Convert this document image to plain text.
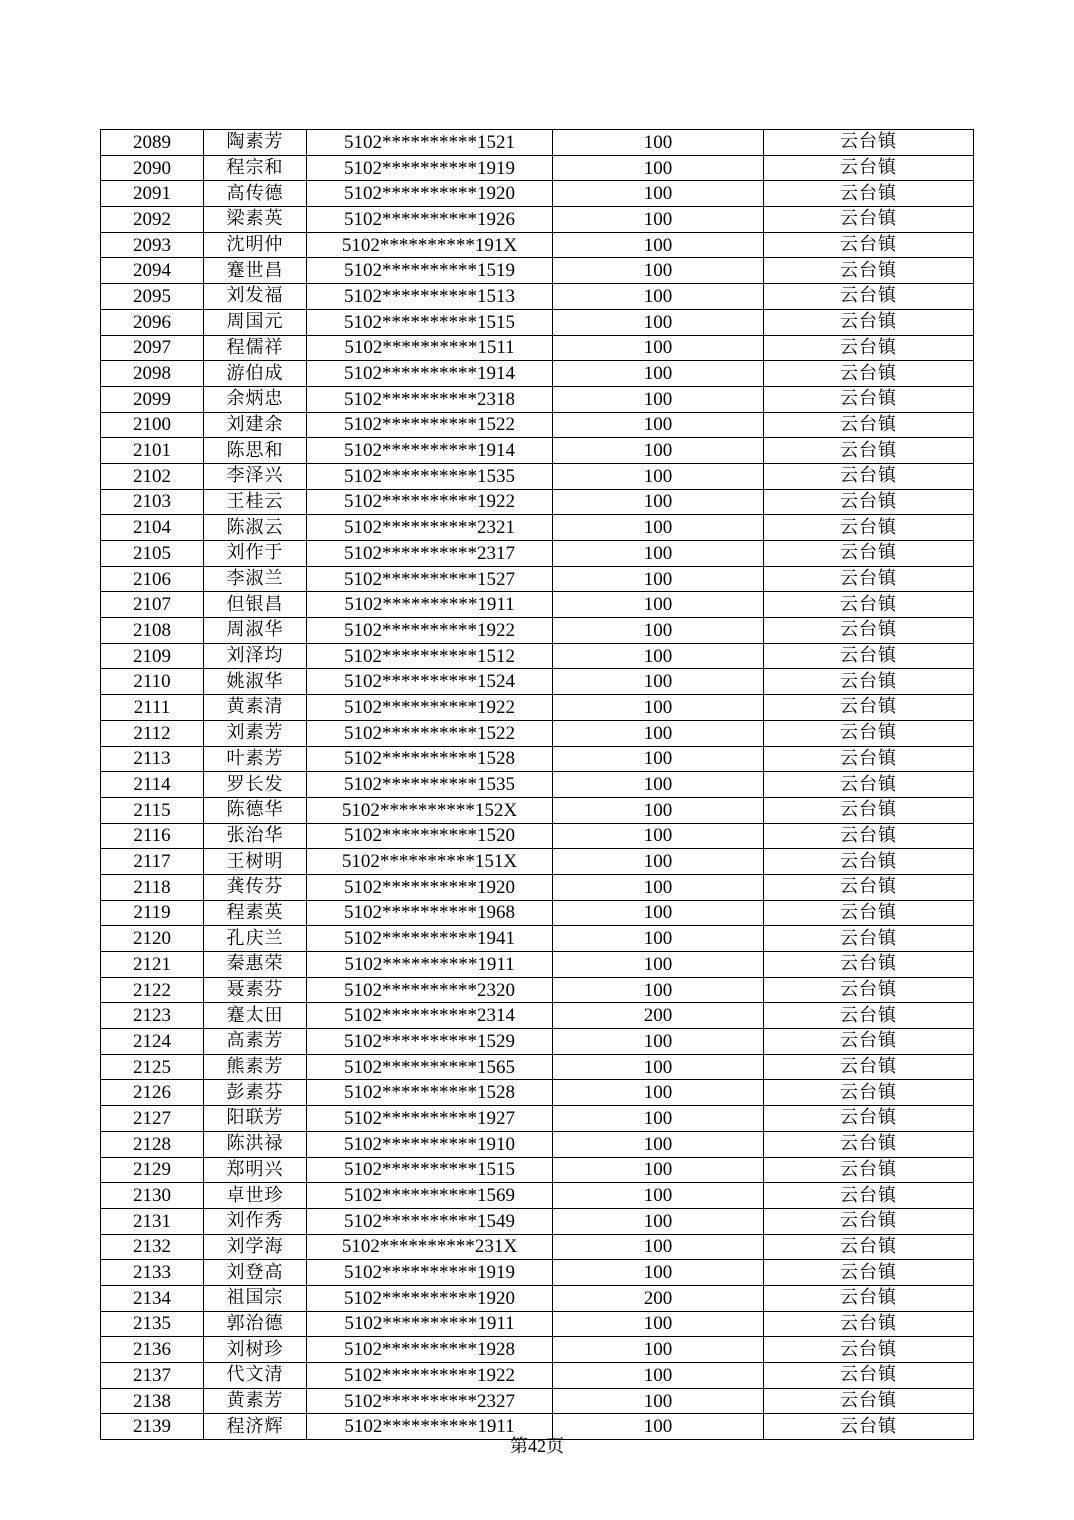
2089	陶素芳	5102**********1521	100	云台镇
2090	程宗和	5102**********1919	100	云台镇
2091	高传德	5102**********1920	100	云台镇
2092	梁素英	5102**********1926	100	云台镇
2093	沈明仲	5102**********191X	100	云台镇
2094	蹇世昌	5102**********1519	100	云台镇
2095	刘发福	5102**********1513	100	云台镇
2096	周国元	5102**********1515	100	云台镇
2097	程儒祥	5102**********1511	100	云台镇
2098	游伯成	5102**********1914	100	云台镇
2099	余炳忠	5102**********2318	100	云台镇
2100	刘建余	5102**********1522	100	云台镇
2101	陈思和	5102**********1914	100	云台镇
2102	李泽兴	5102**********1535	100	云台镇
2103	王桂云	5102**********1922	100	云台镇
2104	陈淑云	5102**********2321	100	云台镇
2105	刘作于	5102**********2317	100	云台镇
2106	李淑兰	5102**********1527	100	云台镇
2107	但银昌	5102**********1911	100	云台镇
2108	周淑华	5102**********1922	100	云台镇
2109	刘泽均	5102**********1512	100	云台镇
2110	姚淑华	5102**********1524	100	云台镇
2111	黄素清	5102**********1922	100	云台镇
2112	刘素芳	5102**********1522	100	云台镇
2113	叶素芳	5102**********1528	100	云台镇
2114	罗长发	5102**********1535	100	云台镇
2115	陈德华	5102**********152X	100	云台镇
2116	张治华	5102**********1520	100	云台镇
2117	王树明	5102**********151X	100	云台镇
2118	龚传芬	5102**********1920	100	云台镇
2119	程素英	5102**********1968	100	云台镇
2120	孔庆兰	5102**********1941	100	云台镇
2121	秦惠荣	5102**********1911	100	云台镇
2122	聂素芬	5102**********2320	100	云台镇
2123	蹇太田	5102**********2314	200	云台镇
2124	高素芳	5102**********1529	100	云台镇
2125	熊素芳	5102**********1565	100	云台镇
2126	彭素芬	5102**********1528	100	云台镇
2127	阳联芳	5102**********1927	100	云台镇
2128	陈洪禄	5102**********1910	100	云台镇
2129	郑明兴	5102**********1515	100	云台镇
2130	卓世珍	5102**********1569	100	云台镇
2131	刘作秀	5102**********1549	100	云台镇
2132	刘学海	5102**********231X	100	云台镇
2133	刘登高	5102**********1919	100	云台镇
2134	祖国宗	5102**********1920	200	云台镇
2135	郭治德	5102**********1911	100	云台镇
2136	刘树珍	5102**********1928	100	云台镇
2137	代文清	5102**********1922	100	云台镇
2138	黄素芳	5102**********2327	100	云台镇
2139	程济辉	5102**********1911	100	云台镇
第42页
